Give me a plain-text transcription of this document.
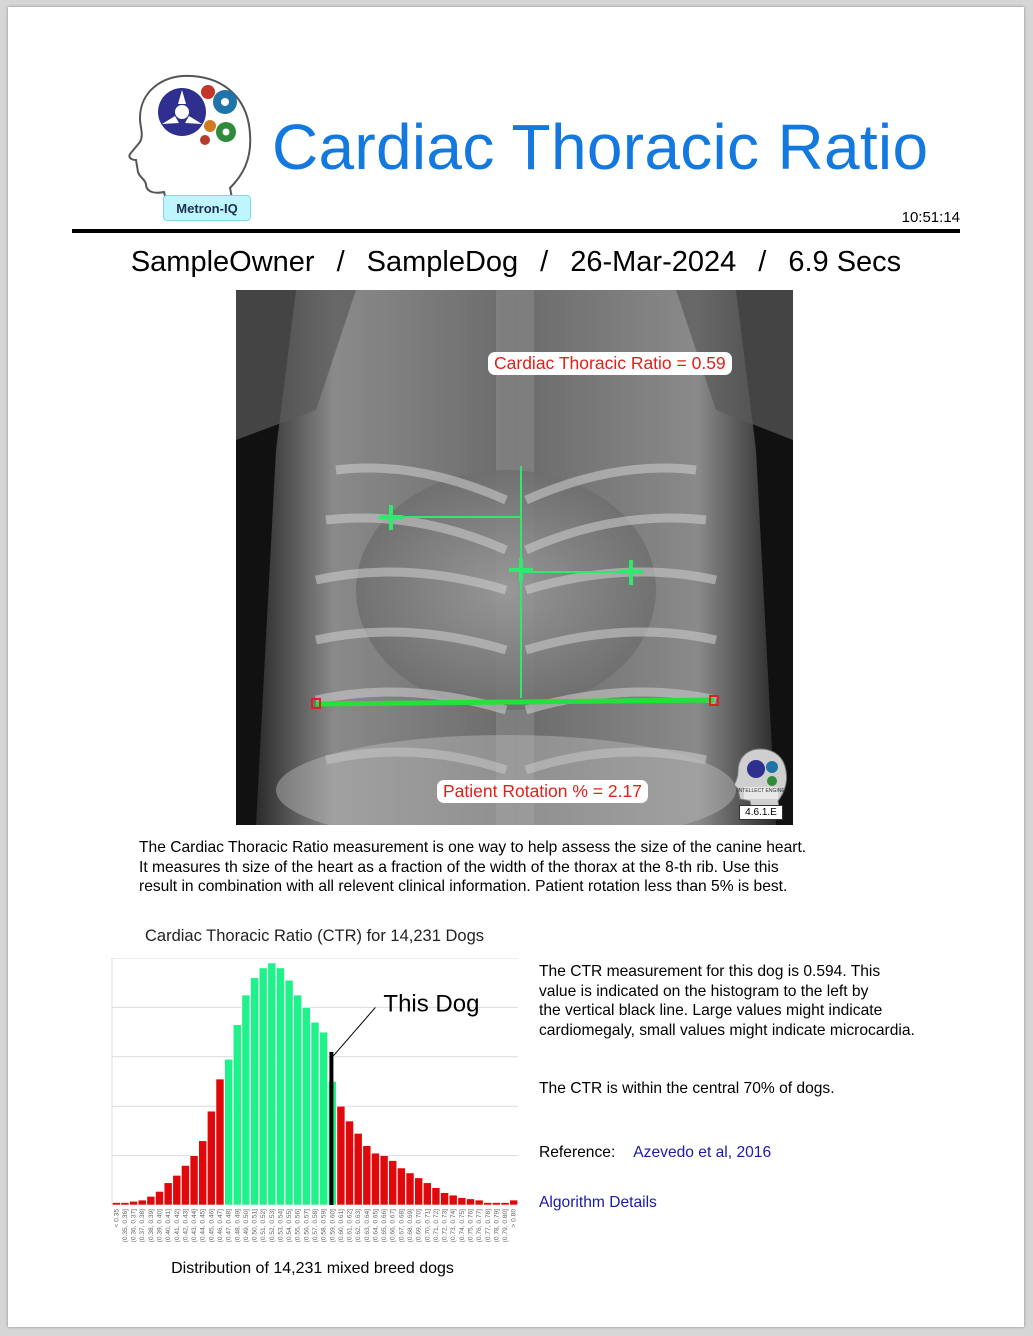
Metron-IQ
Cardiac Thoracic Ratio
10:51:14
SampleOwner / SampleDog / 26-Mar-2024 / 6.9 Secs
Cardiac Thoracic Ratio = 0.59
Patient Rotation % = 2.17	INTELLECT ENGINE
4.6.1.E
The Cardiac Thoracic Ratio measurement is one way to help assess the size of the canine heart.
It measures th size of the heart as a fraction of the width of the thorax at the 8-th rib. Use this
result in combination with all relevent clinical information. Patient rotation less than 5% is best.
Cardiac Thoracic Ratio (CTR) for 14,231 Dogs
< 0.35 (0.35, 0.36] (0.36, 0.37] (0.37, 0.38] (0.38, 0.39] (0.39, 0.40] (0.40, 0.41] (0.41, 0.42] (0.42, 0.43] (0.43, 0.44] (0.44, 0.45] (0.45, 0.46] (0.46, 0.47] (0.47, 0.48] (0.48, 0.49] (0.49, 0.50] (0.50, 0.51] (0.51, 0.52] (0.52, 0.53] (0.53, 0.54] (0.54, 0.55] (0.55, 0.56] (0.56, 0.57] (0.57, 0.58] (0.58, 0.59] (0.59, 0.60] (0.60, 0.61] (0.61, 0.62] (0.62, 0.63] (0.63, 0.64] (0.64, 0.65] (0.65, 0.66] (0.66, 0.67] (0.67, 0.68] (0.68, 0.69] (0.69, 0.70] (0.70, 0.71] (0.71, 0.72] (0.72, 0.73] (0.73, 0.74] (0.74, 0.75] (0.75, 0.76] (0.76, 0.77] (0.77, 0.78] (0.78, 0.79] (0.79, 0.80] > 0.80
This Dog
Distribution of 14,231 mixed breed dogs
The CTR measurement for this dog is 0.594. This
value is indicated on the histogram to the left by
the vertical black line. Large values might indicate
cardiomegaly, small values might indicate microcardia.
The CTR is within the central 70% of dogs.
Reference: Azevedo et al, 2016
Algorithm Details
